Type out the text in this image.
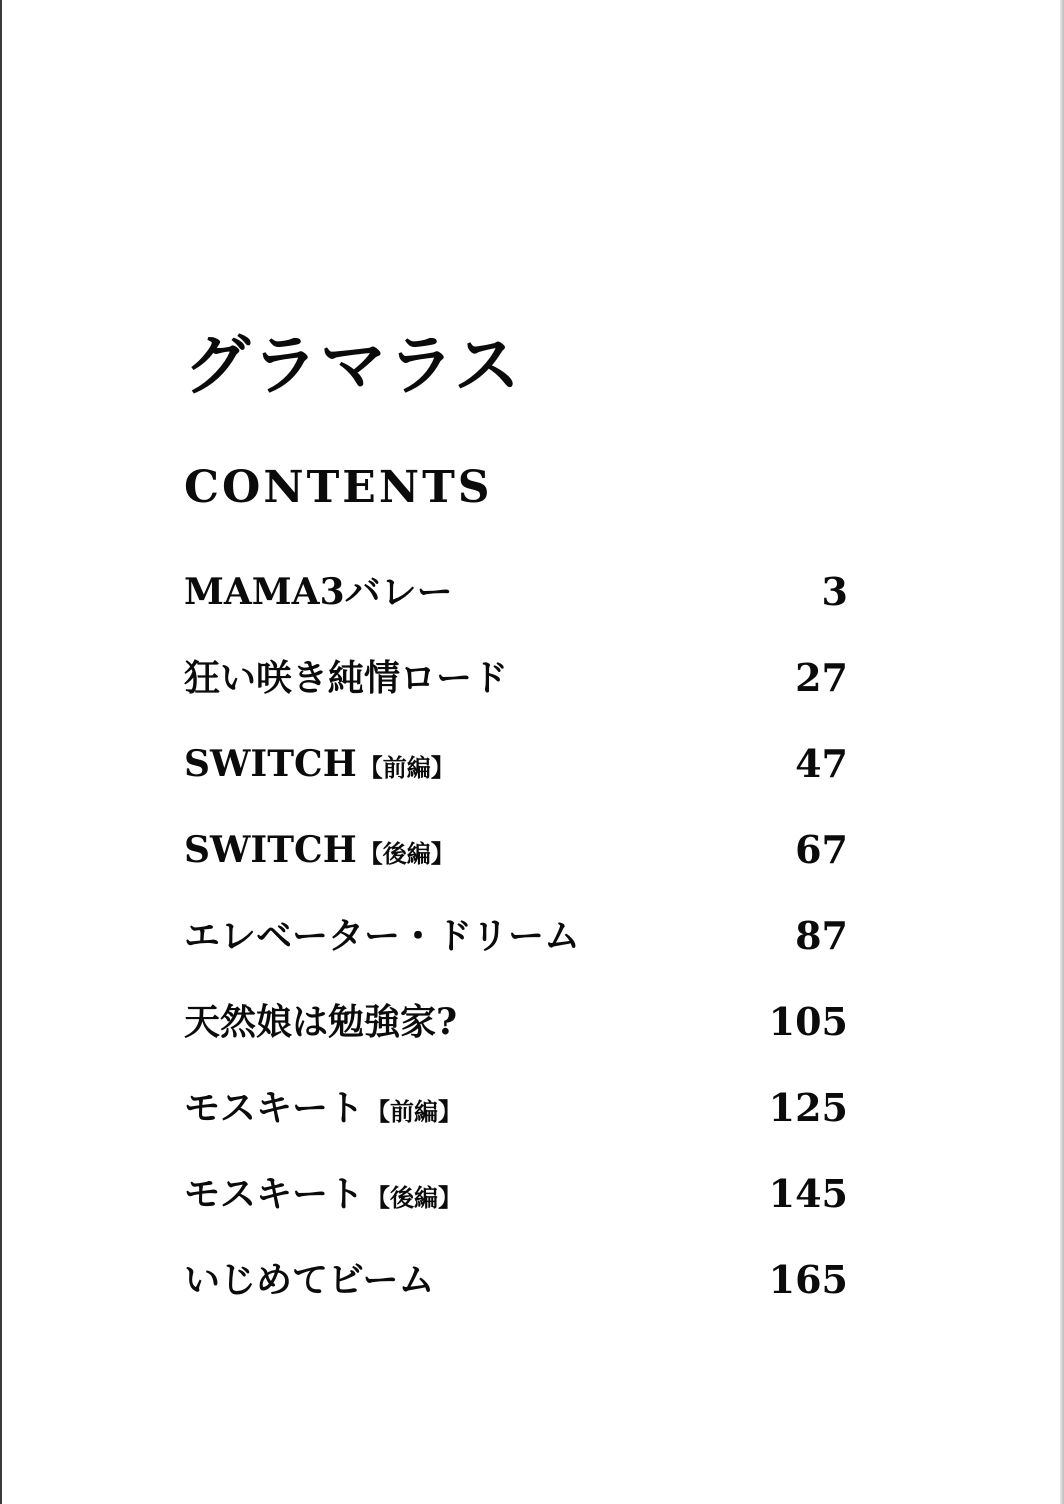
グラマラス
CONTENTS
MAMA3バレー	3
狂い咲き純情ロード	27
SWITCH【前編】	47
SWITCH【後編】	67
エレベーター・ドリーム	87
天然娘は勉強家?	105
モスキート【前編】	125
モスキート【後編】	145
いじめてビーム	165
